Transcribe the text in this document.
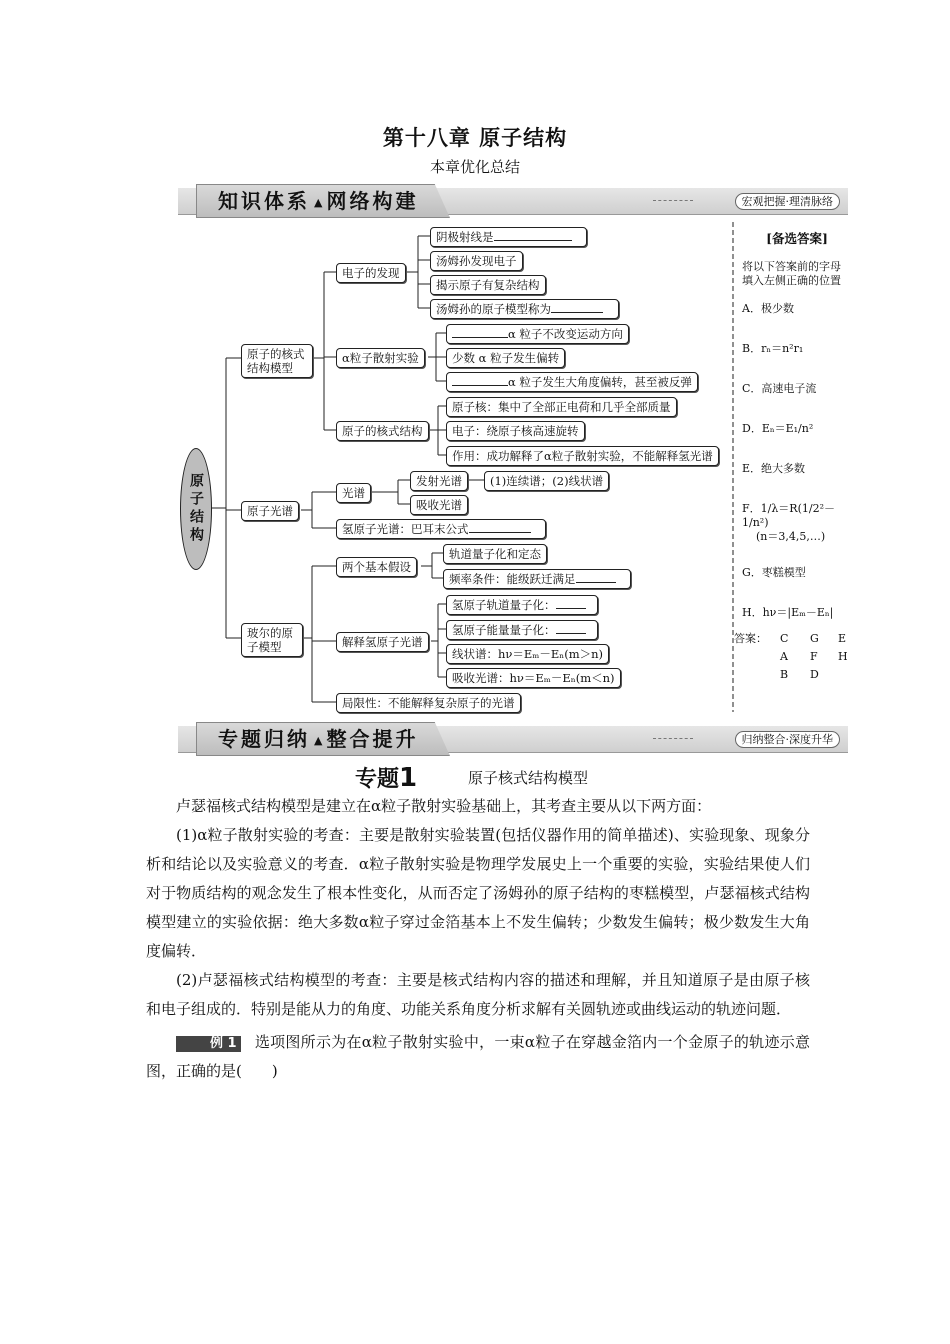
第十八章 原子结构
本章优化总结
知识体系 ▲ 网络构建	宏观把握·理清脉络
原子结构
原子的核式结构模型
电子的发现
阴极射线是
汤姆孙发现电子
揭示原子有复杂结构
汤姆孙的原子模型称为
α粒子散射实验
α 粒子不改变运动方向
少数 α 粒子发生偏转
α 粒子发生大角度偏转，甚至被反弹
原子的核式结构
原子核：集中了全部正电荷和几乎全部质量
电子：绕原子核高速旋转
作用：成功解释了α粒子散射实验，不能解释氢光谱
原子光谱
光谱
发射光谱	(1)连续谱；(2)线状谱
吸收光谱
氢原子光谱：巴耳末公式
玻尔的原子模型
两个基本假设
轨道量子化和定态
频率条件：能级跃迁满足
解释氢原子光谱
氢原子轨道量子化：
氢原子能量量子化：
线状谱：hν＝Eₘ－Eₙ(m＞n)
吸收光谱：hν＝Eₘ－Eₙ(m＜n)
局限性：不能解释复杂原子的光谱
[备选答案]
将以下答案前的字母
填入左侧正确的位置
A．极少数
B．rₙ＝n²r₁
C．高速电子流
D．Eₙ＝E₁/n²
E．绝大多数
F．1/λ＝R(1/2²－1/n²)
(n＝3,4,5,…)
G．枣糕模型
H．hν＝|Eₘ－Eₙ|
答案： C G E
A F H
B D
专题归纳 ▲ 整合提升	归纳整合·深度升华
专题1	原子核式结构模型

卢瑟福核式结构模型是建立在α粒子散射实验基础上，其考查主要从以下两方面：

(1)α粒子散射实验的考查：主要是散射实验装置(包括仪器作用的简单描述)、实验现象、现象分析和结论以及实验意义的考查．α粒子散射实验是物理学发展史上一个重要的实验，实验结果使人们对于物质结构的观念发生了根本性变化，从而否定了汤姆孙的原子结构的枣糕模型，卢瑟福核式结构模型建立的实验依据：绝大多数α粒子穿过金箔基本上不发生偏转；少数发生偏转；极少数发生大角度偏转．

(2)卢瑟福核式结构模型的考查：主要是核式结构内容的描述和理解，并且知道原子是由原子核和电子组成的．特别是能从力的角度、功能关系角度分析求解有关圆轨迹或曲线运动的轨迹问题．

例 1 选项图所示为在α粒子散射实验中，一束α粒子在穿越金箔内一个金原子的轨迹示意图，正确的是(　　)
